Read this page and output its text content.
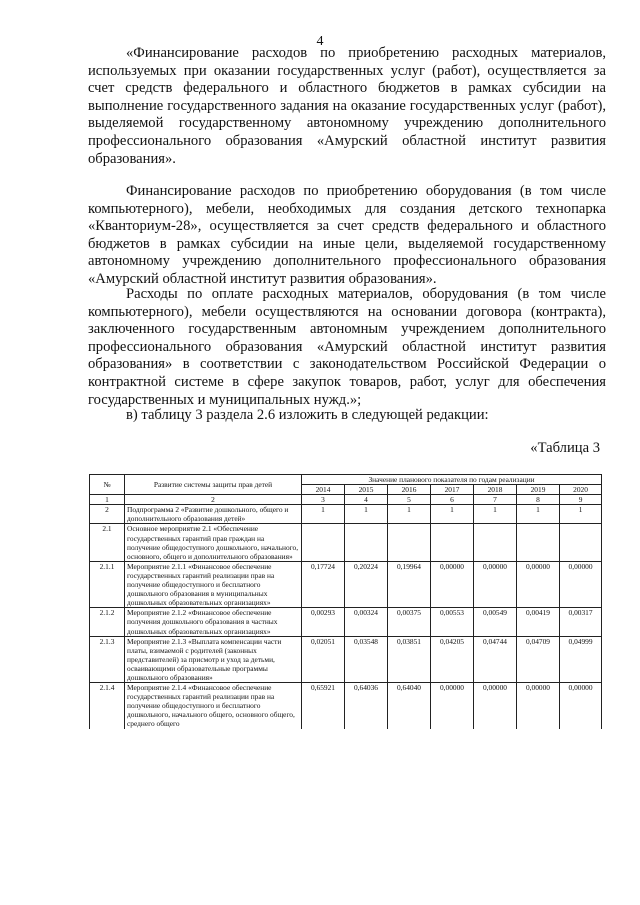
4

«Финансирование расходов по приобретению расходных материалов, используемых при оказании государственных услуг (работ), осуществляется за счет средств федерального и областного бюджетов в рамках субсидии на выполнение государственного задания на оказание государственных услуг (работ), выделяемой государственному автономному учреждению дополнительного профессионального образования «Амурский областной институт развития образования».

Финансирование расходов по приобретению оборудования (в том числе компьютерного), мебели, необходимых для создания детского технопарка «Кванториум-28», осуществляется за счет средств федерального и областного бюджетов в рамках субсидии на иные цели, выделяемой государственному автономному учреждению дополнительного профессионального образования «Амурский областной институт развития образования».

Расходы по оплате расходных материалов, оборудования (в том числе компьютерного), мебели осуществляются на основании договора (контракта), заключенного государственным автономным учреждением дополнительного профессионального образования «Амурский областной институт развития образования» в соответствии с законодательством Российской Федерации о контрактной системе в сфере закупок товаров, работ, услуг для обеспечения государственных и муниципальных нужд.»;

в) таблицу 3 раздела 2.6 изложить в следующей редакции:

«Таблица 3
№	Развитие системы защиты прав детей	Значение планового показателя по годам реализации						
		2014	2015	2016	2017	2018	2019	2020
1	2	3	4	5	6	7	8	9
2	Подпрограмма 2 «Развитие дошкольного, общего и дополнительного образования детей»	1	1	1	1	1	1	1
2.1	Основное мероприятие 2.1 «Обеспечение государственных гарантий прав граждан на получение общедоступного дошкольного, начального, основного, общего и дополнительного образования»							
2.1.1	Мероприятие 2.1.1 «Финансовое обеспечение государственных гарантий реализации прав на получение общедоступного и бесплатного дошкольного образования в муниципальных дошкольных образовательных организациях»	0,17724	0,20224	0,19964	0,00000	0,00000	0,00000	0,00000
2.1.2	Мероприятие 2.1.2 «Финансовое обеспечение получения дошкольного образования в частных дошкольных образовательных организациях»	0,00293	0,00324	0,00375	0,00553	0,00549	0,00419	0,00317
2.1.3	Мероприятие 2.1.3 «Выплата компенсации части платы, взимаемой с родителей (законных представителей) за присмотр и уход за детьми, осваивающими образовательные программы дошкольного образования»	0,02051	0,03548	0,03851	0,04205	0,04744	0,04709	0,04999
2.1.4	Мероприятие 2.1.4 «Финансовое обеспечение государственных гарантий реализации прав на получение общедоступного и бесплатного дошкольного, начального общего, основного общего, среднего общего	0,65921	0,64036	0,64040	0,00000	0,00000	0,00000	0,00000
